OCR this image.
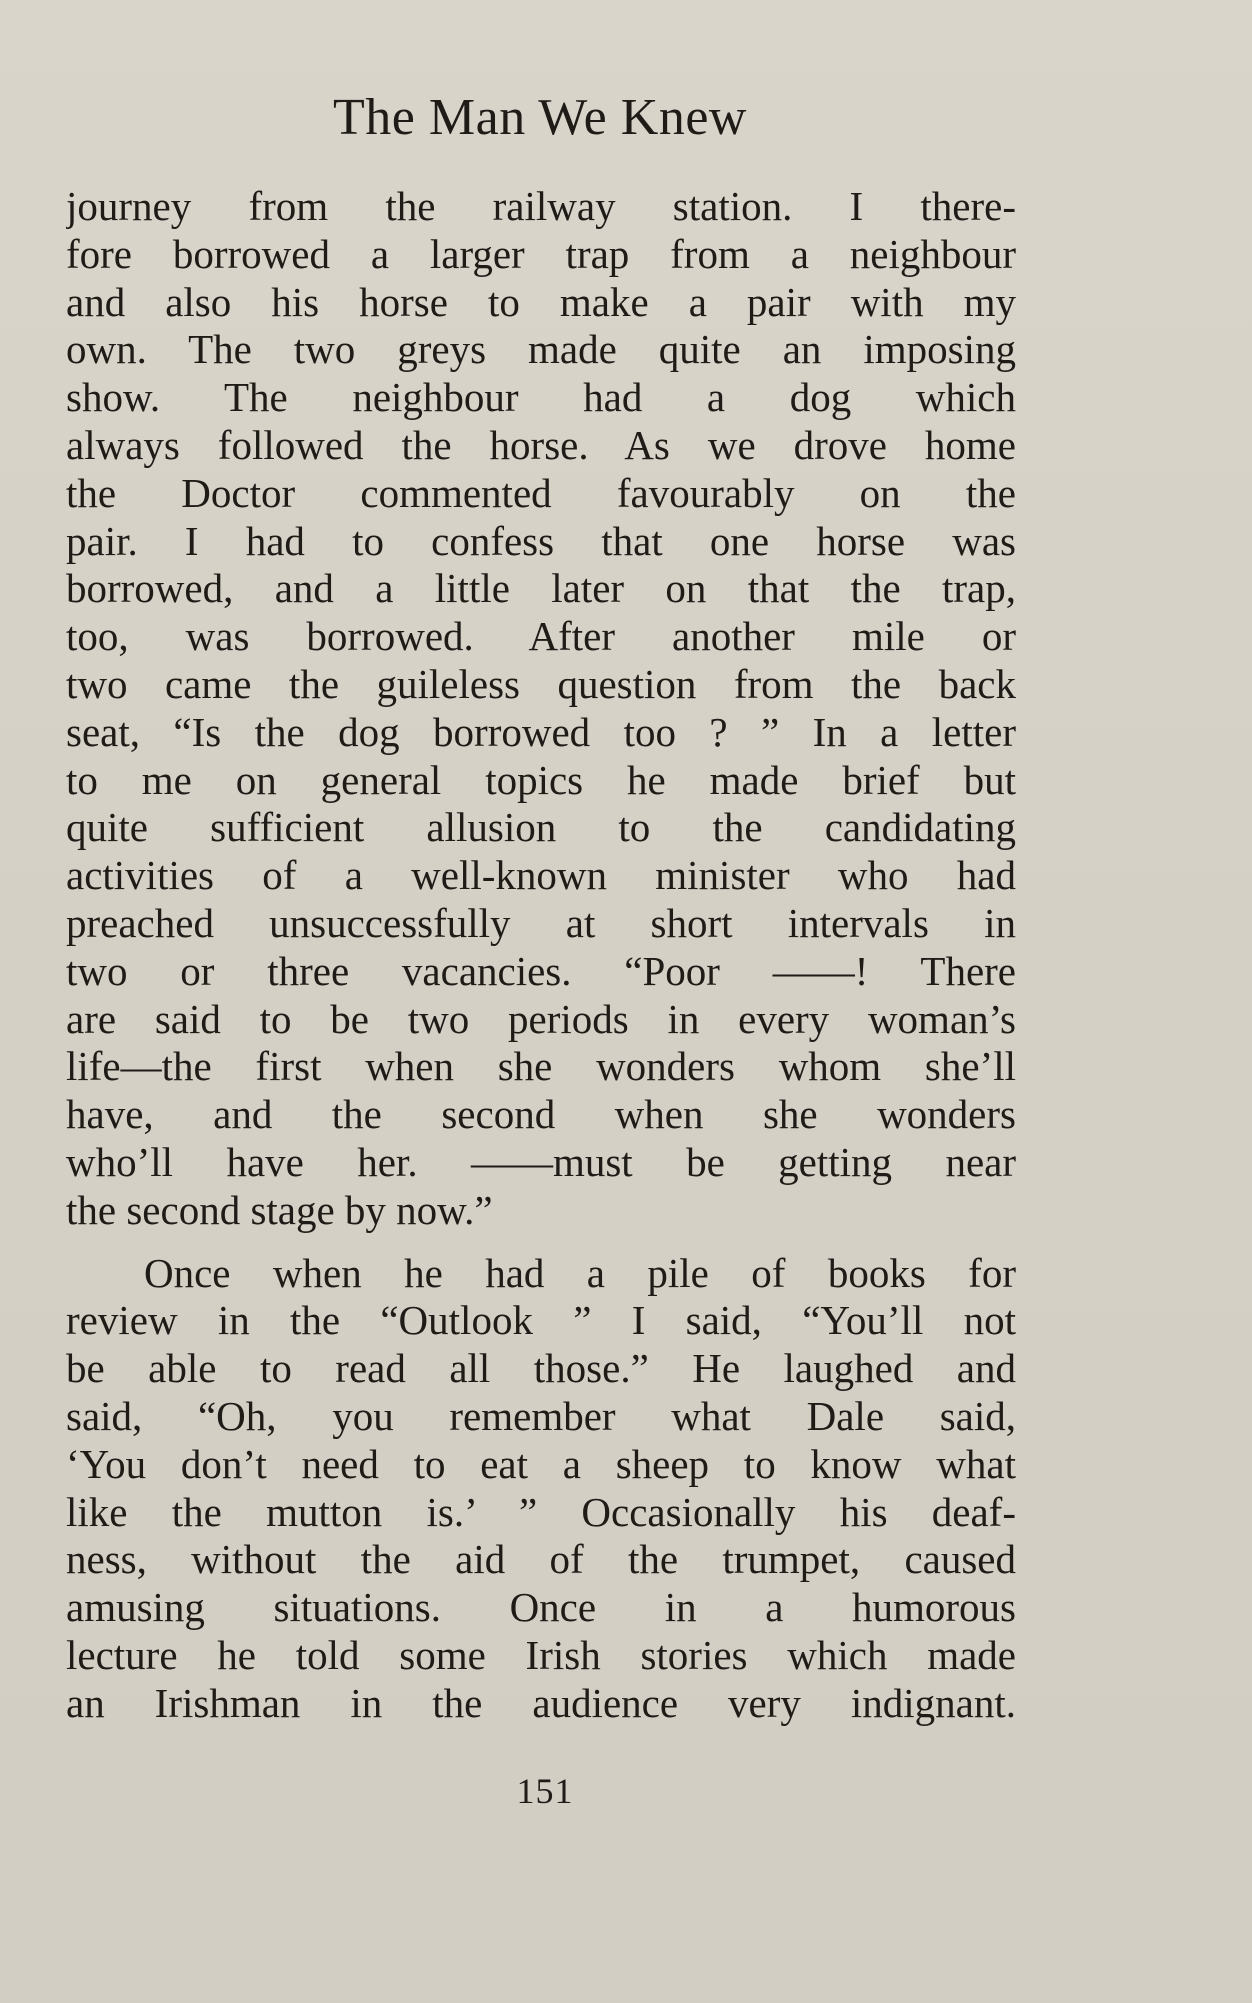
The Man We Knew
journey from the railway station. I there-
fore borrowed a larger trap from a neighbour
and also his horse to make a pair with my
own. The two greys made quite an imposing
show. The neighbour had a dog which
always followed the horse. As we drove home
the Doctor commented favourably on the
pair. I had to confess that one horse was
borrowed, and a little later on that the trap,
too, was borrowed. After another mile or
two came the guileless question from the back
seat, “Is the dog borrowed too ? ” In a letter
to me on general topics he made brief but
quite sufficient allusion to the candidating
activities of a well-known minister who had
preached unsuccessfully at short intervals in
two or three vacancies. “Poor ——! There
are said to be two periods in every woman’s
life—the first when she wonders whom she’ll
have, and the second when she wonders
who’ll have her. ——must be getting near
the second stage by now.”
Once when he had a pile of books for
review in the “Outlook ” I said, “You’ll not
be able to read all those.” He laughed and
said, “Oh, you remember what Dale said,
‘You don’t need to eat a sheep to know what
like the mutton is.’ ” Occasionally his deaf-
ness, without the aid of the trumpet, caused
amusing situations. Once in a humorous
lecture he told some Irish stories which made
an Irishman in the audience very indignant.
151
